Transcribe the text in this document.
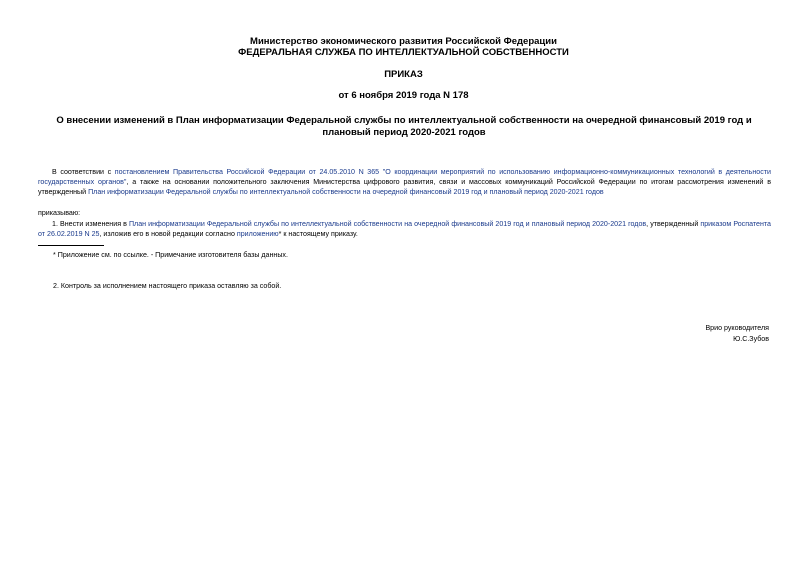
Министерство экономического развития Российской Федерации
ФЕДЕРАЛЬНАЯ СЛУЖБА ПО ИНТЕЛЛЕКТУАЛЬНОЙ СОБСТВЕННОСТИ
ПРИКАЗ
от 6 ноября 2019 года N 178
О внесении изменений в План информатизации Федеральной службы по интеллектуальной собственности на очередной финансовый 2019 год и плановый период 2020-2021 годов
В соответствии с постановлением Правительства Российской Федерации от 24.05.2010 N 365 "О координации мероприятий по использованию информационно-коммуникационных технологий в деятельности государственных органов", а также на основании положительного заключения Министерства цифрового развития, связи и массовых коммуникаций Российской Федерации по итогам рассмотрения изменений в утвержденный План информатизации Федеральной службы по интеллектуальной собственности на очередной финансовый 2019 год и плановый период 2020-2021 годов
приказываю:
1. Внести изменения в План информатизации Федеральной службы по интеллектуальной собственности на очередной финансовый 2019 год и плановый период 2020-2021 годов, утвержденный приказом Роспатента от 26.02.2019 N 25, изложив его в новой редакции согласно приложению* к настоящему приказу.
* Приложение см. по ссылке. - Примечание изготовителя базы данных.
2. Контроль за исполнением настоящего приказа оставляю за собой.
Врио руководителя
Ю.С.Зубов
